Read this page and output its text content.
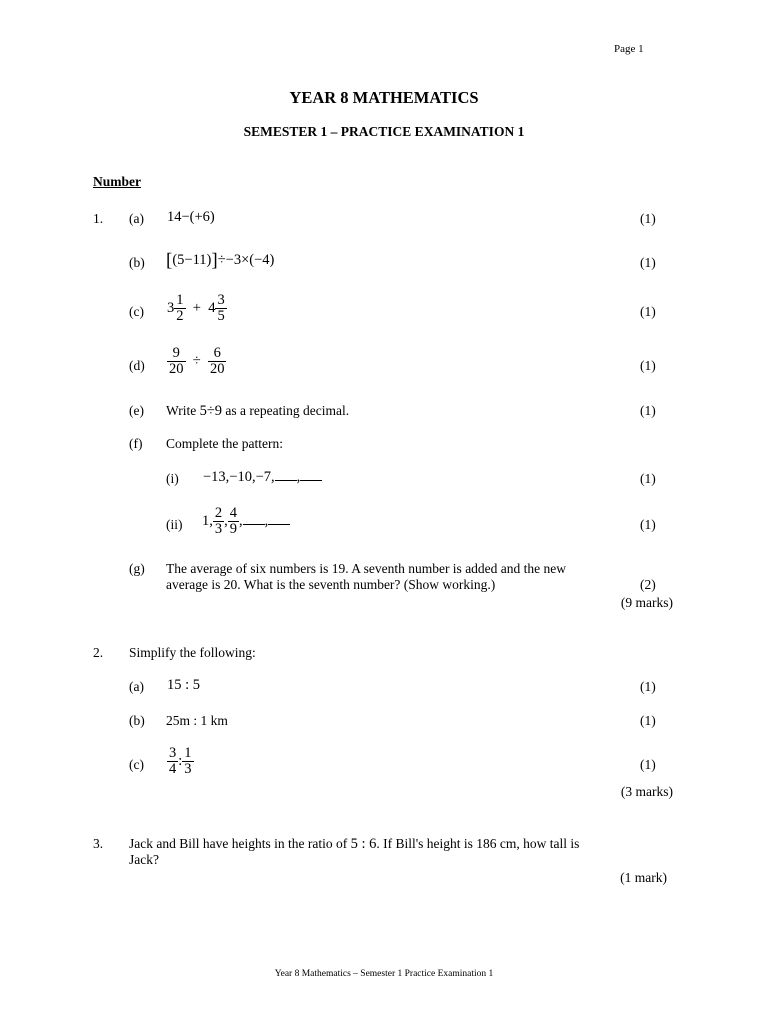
Page 1
YEAR 8 MATHEMATICS
SEMESTER 1 – PRACTICE EXAMINATION 1
Number
1. (a) 14−(+6)	(1)
(b) [(5−11)]÷−3×(−4)	(1)
(c) $3 \frac{1}{2} + 4 \frac{3}{5}$	(1)
$(d) \frac{9}{20} \div \frac{6}{20}$	(1)
(e) Write 5÷9 as a repeating decimal.	(1)
(f) Complete the pattern:
(i) −13,−10,−7, ,	(1)
(ii) 1, $\frac{2}{3}$ , $\frac{4}{9}$ , ,	(1)
(g) The average of six numbers is 19. A seventh number is added and the new
average is 20. What is the seventh number? (Show working.)	(2)
(9 marks)
2. Simplify the following:
(a) 15 : 5	(1)
(b) 25m : 1 km	(1)
$(c) \frac{3}{4}$ : $\frac{1}{3}$	(1)
(3 marks)
3. Jack and Bill have heights in the ratio of 5 : 6. If Bill's height is 186 cm, how tall is
Jack?
(1 mark)
Year 8 Mathematics – Semester 1 Practice Examination 1
